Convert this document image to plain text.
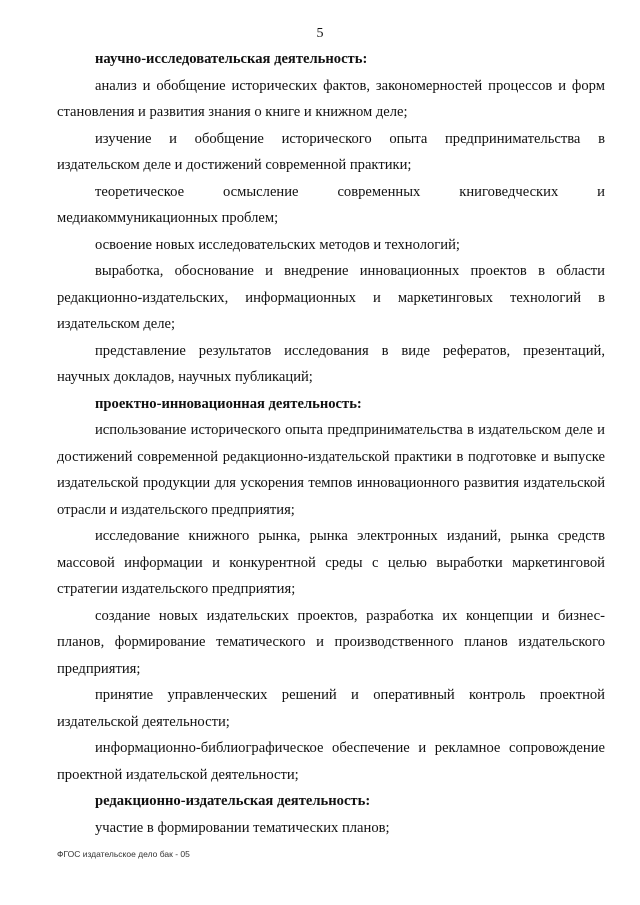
5

научно-исследовательская деятельность:

анализ и обобщение исторических фактов, закономерностей процессов и форм становления и развития знания о книге и книжном деле;

изучение и обобщение исторического опыта предпринимательства в издательском деле и достижений современной практики;

теоретическое осмысление современных книговедческих и медиакоммуникационных проблем;

освоение новых исследовательских методов и технологий;

выработка, обоснование и внедрение инновационных проектов в области редакционно-издательских, информационных и маркетинговых технологий в издательском деле;

представление результатов исследования в виде рефератов, презентаций, научных докладов, научных публикаций;

проектно-инновационная деятельность:

использование исторического опыта предпринимательства в издательском деле и достижений современной редакционно-издательской практики в подготовке и выпуске издательской продукции для ускорения темпов инновационного развития издательской отрасли и издательского предприятия;

исследование книжного рынка, рынка электронных изданий, рынка средств массовой информации и конкурентной среды с целью выработки маркетинговой стратегии издательского предприятия;

создание новых издательских проектов, разработка их концепции и бизнес-планов, формирование тематического и производственного планов издательского предприятия;

принятие управленческих решений и оперативный контроль проектной издательской деятельности;

информационно-библиографическое обеспечение и рекламное сопровождение проектной издательской деятельности;

редакционно-издательская деятельность:

участие в формировании тематических планов;

ФГОС издательское дело бак - 05
